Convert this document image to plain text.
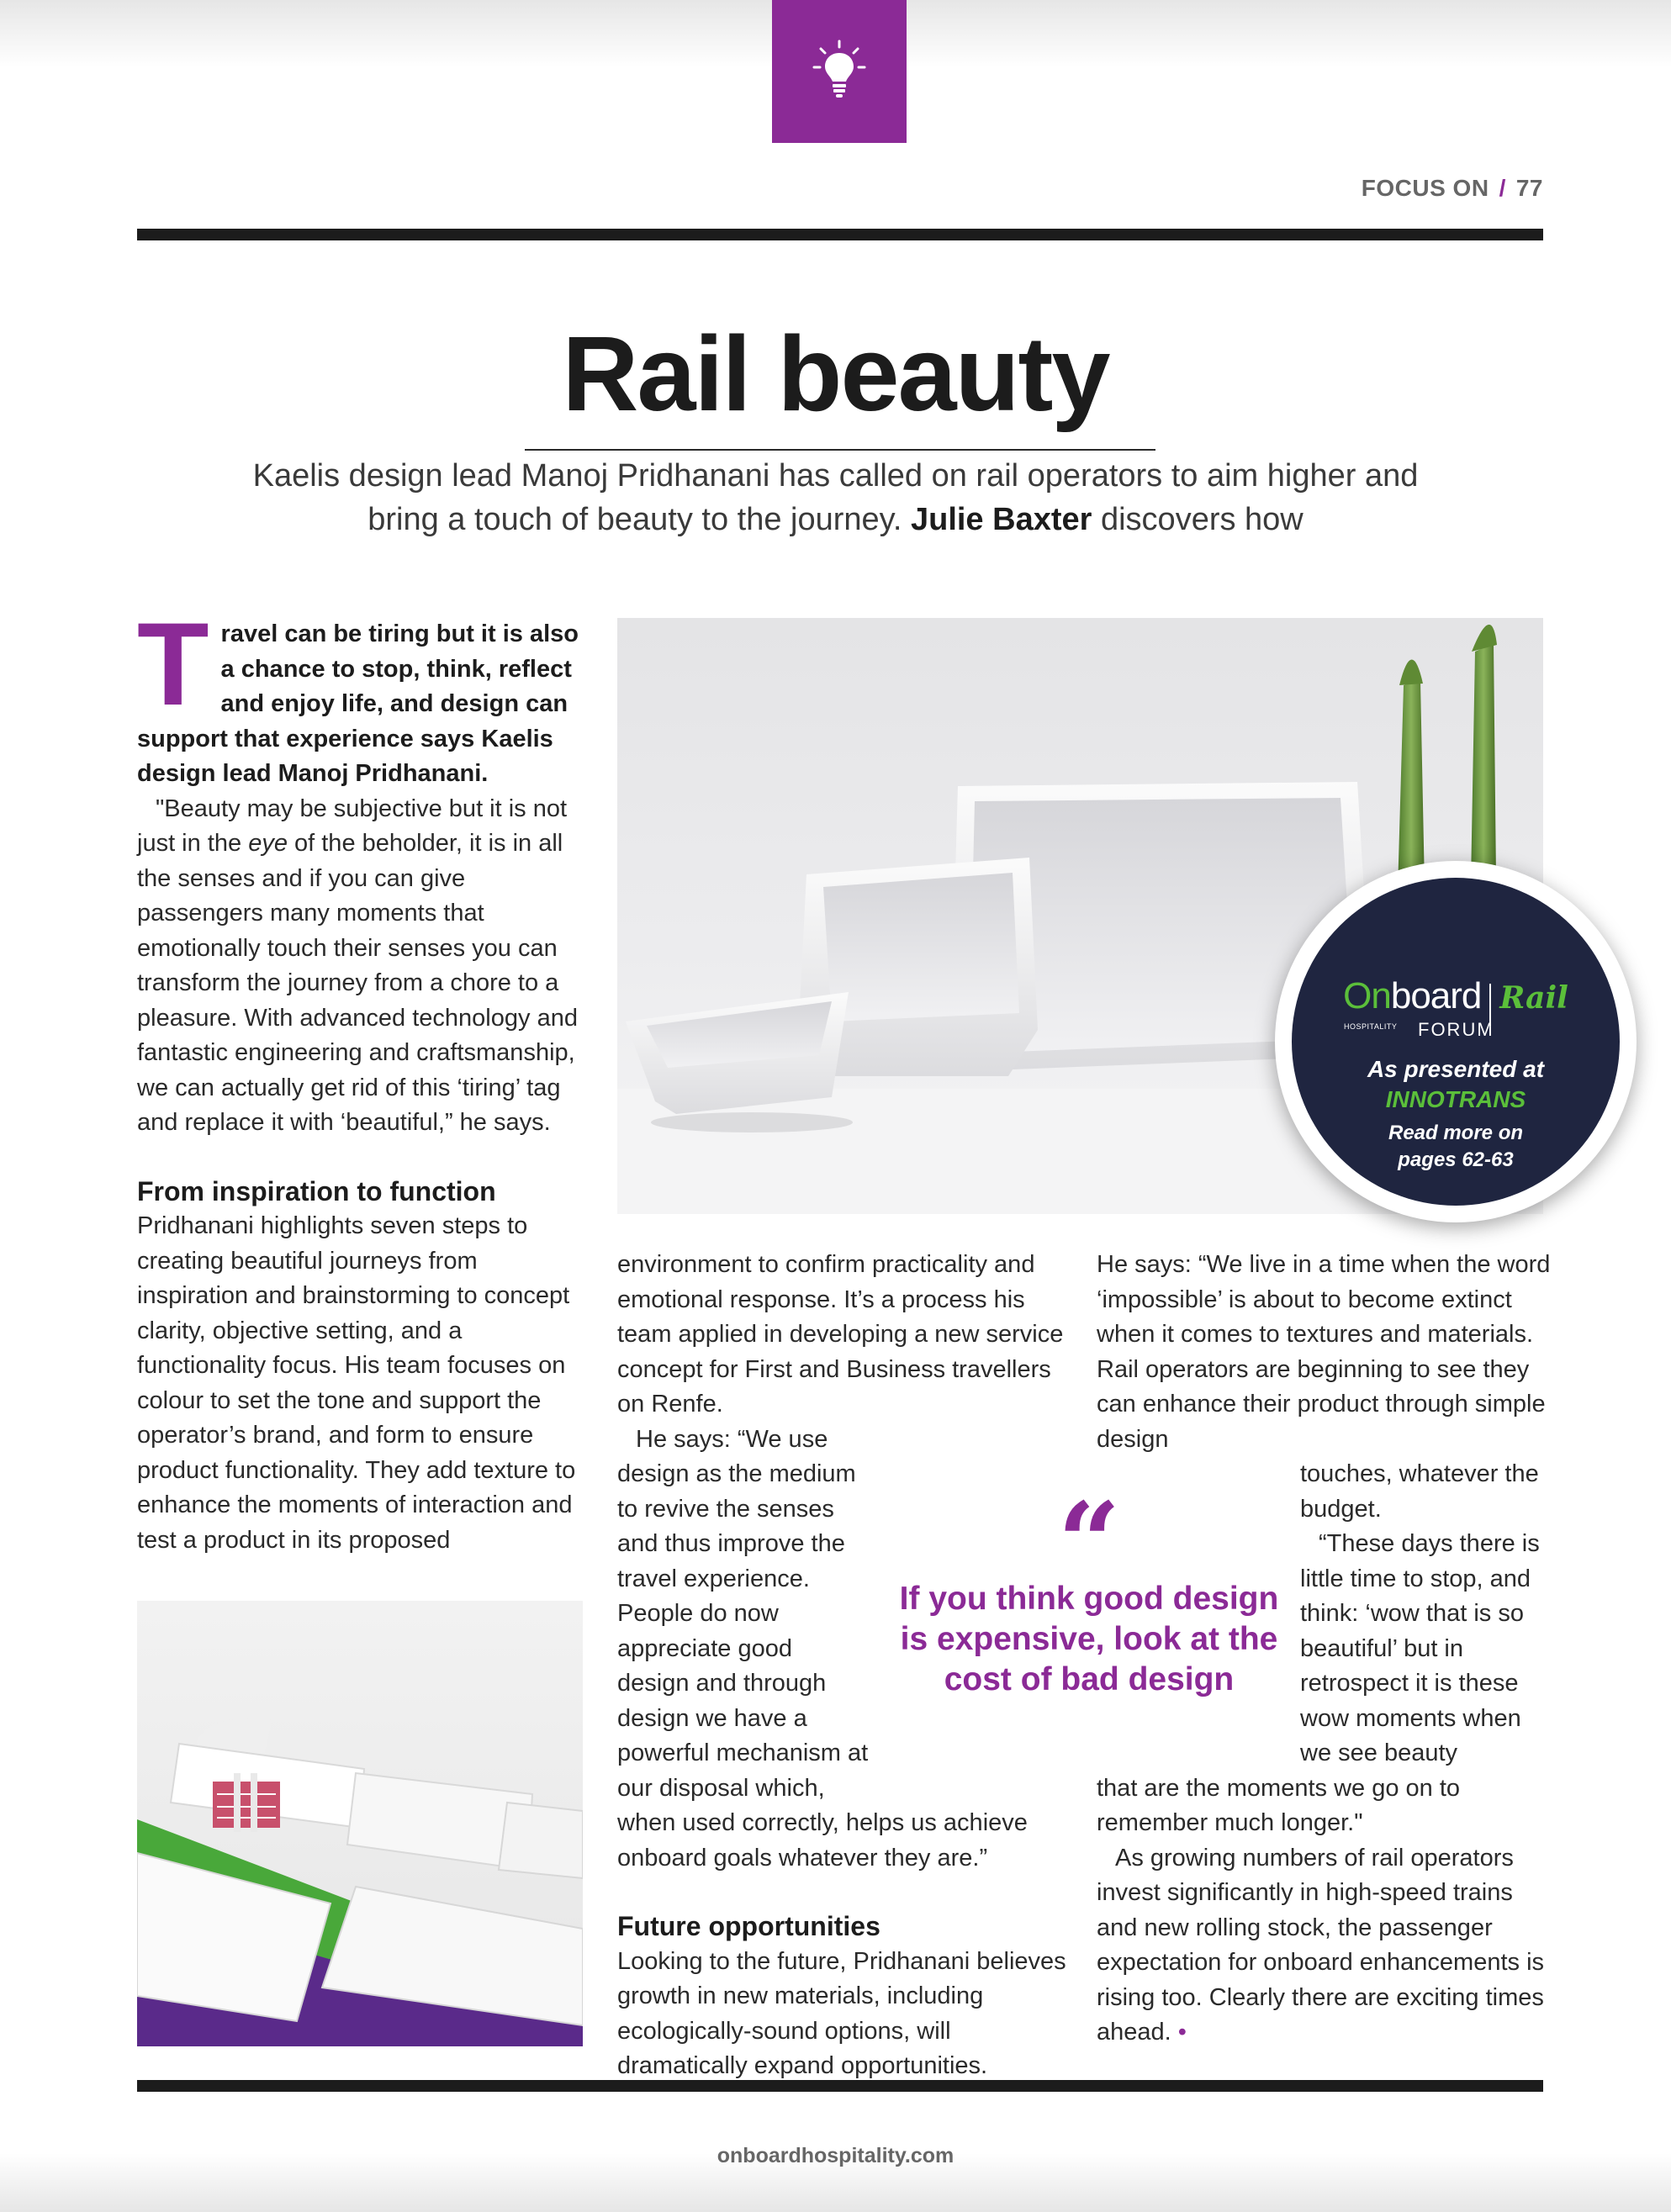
FOCUS ON / 77
Rail beauty
Kaelis design lead Manoj Pridhanani has called on rail operators to aim higher and bring a touch of beauty to the journey. Julie Baxter discovers how

Travel can be tiring but it is also a chance to stop, think, reflect and enjoy life, and design can support that experience says Kaelis design lead Manoj Pridhanani.

"Beauty may be subjective but it is not just in the eye of the beholder, it is in all the senses and if you can give passengers many moments that emotionally touch their senses you can transform the journey from a chore to a pleasure. With advanced technology and fantastic engineering and craftsmanship, we can actually get rid of this ‘tiring’ tag and replace it with ‘beautiful,” he says.

From inspiration to function

Pridhanani highlights seven steps to creating beautiful journeys from inspiration and brainstorming to concept clarity, objective setting, and a functionality focus. His team focuses on colour to set the tone and support the operator’s brand, and form to ensure product functionality. They add texture to enhance the moments of interaction and test a product in its proposed

environment to confirm practicality and emotional response. It’s a process his team applied in developing a new service concept for First and Business travellers on Renfe.

He says: “We use design as the medium to revive the senses and thus improve the travel experience. People do now appreciate good design and through design we have a powerful mechanism at our disposal which,

when used correctly, helps us achieve onboard goals whatever they are.”

Future opportunities

Looking to the future, Pridhanani believes growth in new materials, including ecologically-sound options, will dramatically expand opportunities.

He says: “We live in a time when the word ‘impossible’ is about to become extinct when it comes to textures and materials. Rail operators are beginning to see they can enhance their product through simple design

touches, whatever the budget.

“These days there is little time to stop, and think: ‘wow that is so beautiful’ but in retrospect it is these wow moments when we see beauty

that are the moments we go on to remember much longer."

As growing numbers of rail operators invest significantly in high-speed trains and new rolling stock, the passenger expectation for onboard enhancements is rising too. Clearly there are exciting times ahead. •

“
If you think good design is expensive, look at the cost of bad design
Onboard Rail
HOSPITALITY FORUM
As presented at
INNOTRANS
Read more on
pages 62-63
onboardhospitality.com
